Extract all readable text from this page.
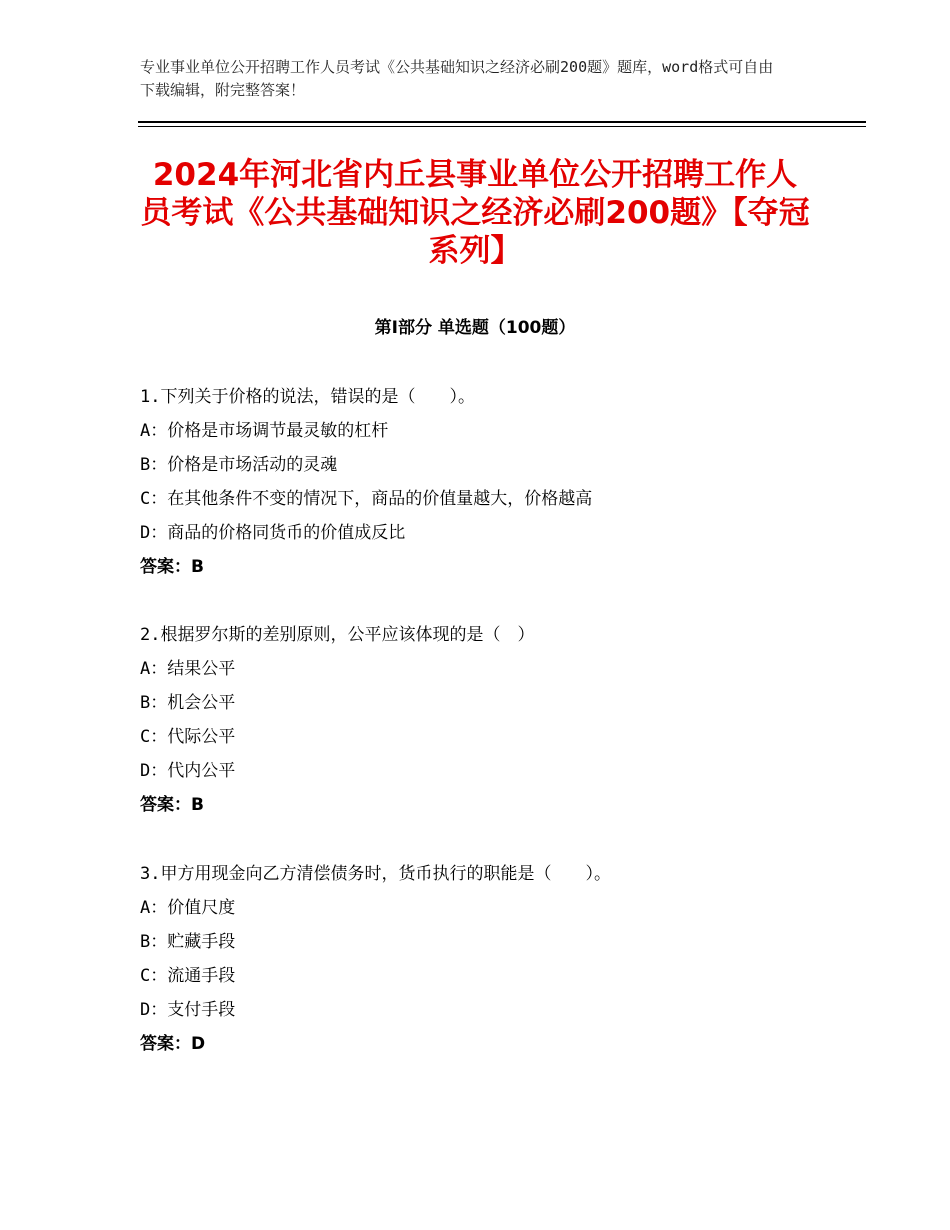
专业事业单位公开招聘工作人员考试《公共基础知识之经济必刷200题》题库，word格式可自由下载编辑，附完整答案！
2024年河北省内丘县事业单位公开招聘工作人员考试《公共基础知识之经济必刷200题》【夺冠系列】
第Ⅰ部分 单选题（100题）
1.下列关于价格的说法，错误的是（　　）。
A：价格是市场调节最灵敏的杠杆
B：价格是市场活动的灵魂
C：在其他条件不变的情况下，商品的价值量越大，价格越高
D：商品的价格同货币的价值成反比
答案：B
2.根据罗尔斯的差别原则，公平应该体现的是（　）
A：结果公平
B：机会公平
C：代际公平
D：代内公平
答案：B
3.甲方用现金向乙方清偿债务时，货币执行的职能是（　　）。
A：价值尺度
B：贮藏手段
C：流通手段
D：支付手段
答案：D
